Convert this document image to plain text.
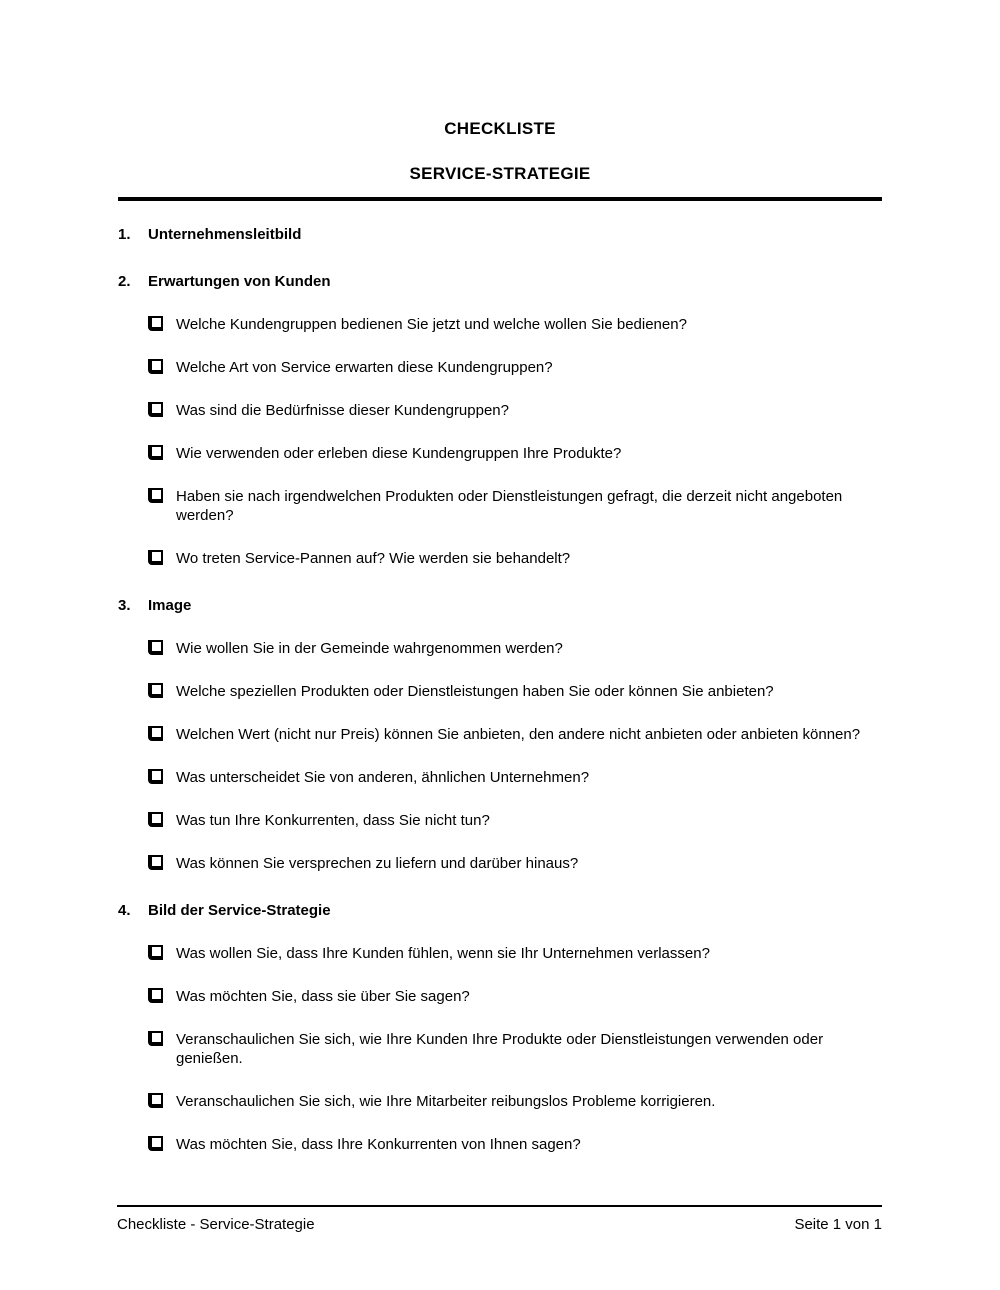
CHECKLISTE
SERVICE-STRATEGIE
1.	Unternehmensleitbild
2.	Erwartungen von Kunden
Welche Kundengruppen bedienen Sie jetzt und welche wollen Sie bedienen?
Welche Art von Service erwarten diese Kundengruppen?
Was sind die Bedürfnisse dieser Kundengruppen?
Wie verwenden oder erleben diese Kundengruppen Ihre Produkte?
Haben sie nach irgendwelchen Produkten oder Dienstleistungen gefragt, die derzeit nicht angeboten werden?
Wo treten Service-Pannen auf? Wie werden sie behandelt?
3.	Image
Wie wollen Sie in der Gemeinde wahrgenommen werden?
Welche speziellen Produkten oder Dienstleistungen haben Sie oder können Sie anbieten?
Welchen Wert (nicht nur Preis) können Sie anbieten, den andere nicht anbieten oder anbieten können?
Was unterscheidet Sie von anderen, ähnlichen Unternehmen?
Was tun Ihre Konkurrenten, dass Sie nicht tun?
Was können Sie versprechen zu liefern und darüber hinaus?
4.	Bild der Service-Strategie
Was wollen Sie, dass Ihre Kunden fühlen, wenn sie Ihr Unternehmen verlassen?
Was möchten Sie, dass sie über Sie sagen?
Veranschaulichen Sie sich, wie Ihre Kunden Ihre Produkte oder Dienstleistungen verwenden oder genießen.
Veranschaulichen Sie sich, wie Ihre Mitarbeiter reibungslos Probleme korrigieren.
Was möchten Sie, dass Ihre Konkurrenten von Ihnen sagen?
Checkliste - Service-Strategie	Seite 1 von 1
